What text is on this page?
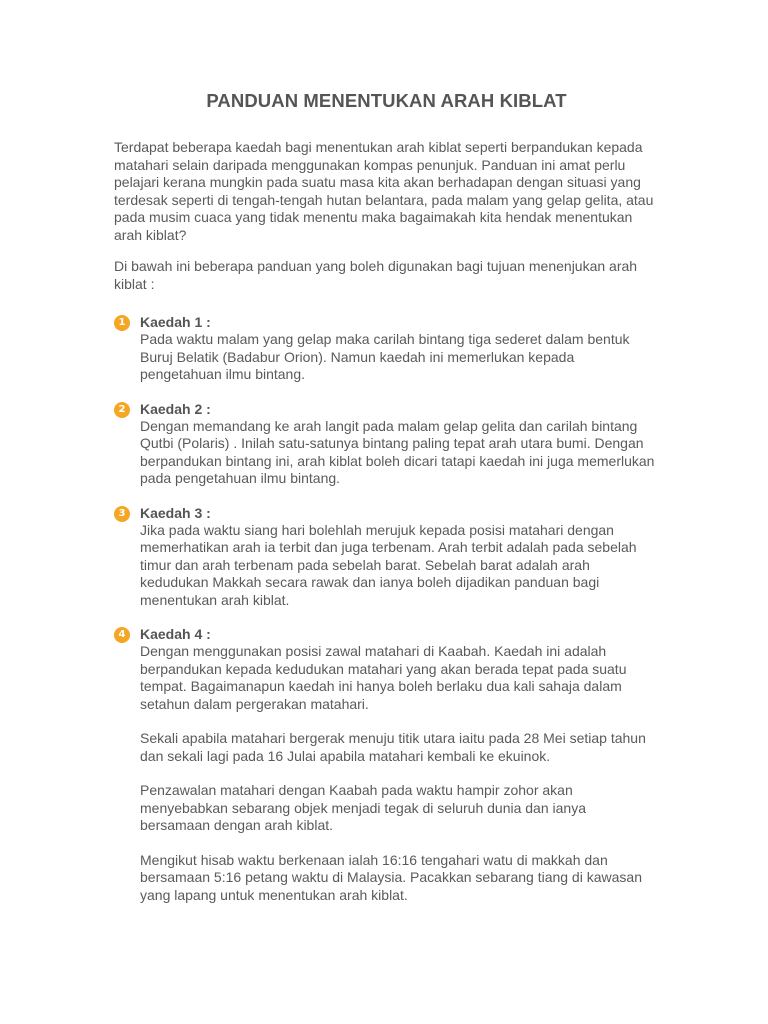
PANDUAN MENENTUKAN ARAH KIBLAT

Terdapat beberapa kaedah bagi menentukan arah kiblat seperti berpandukan kepada matahari selain daripada menggunakan kompas penunjuk. Panduan ini amat perlu pelajari kerana mungkin pada suatu masa kita akan berhadapan dengan situasi yang terdesak seperti di tengah-tengah hutan belantara, pada malam yang gelap gelita, atau pada musim cuaca yang tidak menentu maka bagaimakah kita hendak menentukan arah kiblat?

Di bawah ini beberapa panduan yang boleh digunakan bagi tujuan menenjukan arah kiblat :

1	Kaedah 1 :

Pada waktu malam yang gelap maka carilah bintang tiga sederet dalam bentuk Buruj Belatik (Badabur Orion). Namun kaedah ini memerlukan kepada pengetahuan ilmu bintang.

2	Kaedah 2 :

Dengan memandang ke arah langit pada malam gelap gelita dan carilah bintang Qutbi (Polaris) . Inilah satu-satunya bintang paling tepat arah utara bumi. Dengan berpandukan bintang ini, arah kiblat boleh dicari tatapi kaedah ini juga memerlukan pada pengetahuan ilmu bintang.

3	Kaedah 3 :

Jika pada waktu siang hari bolehlah merujuk kepada posisi matahari dengan memerhatikan arah ia terbit dan juga terbenam. Arah terbit adalah pada sebelah timur dan arah terbenam pada sebelah barat. Sebelah barat adalah arah kedudukan Makkah secara rawak dan ianya boleh dijadikan panduan bagi menentukan arah kiblat.

4	Kaedah 4 :

Dengan menggunakan posisi zawal matahari di Kaabah. Kaedah ini adalah berpandukan kepada kedudukan matahari yang akan berada tepat pada suatu tempat. Bagaimanapun kaedah ini hanya boleh berlaku dua kali sahaja dalam setahun dalam pergerakan matahari.

Sekali apabila matahari bergerak menuju titik utara iaitu pada 28 Mei setiap tahun dan sekali lagi pada 16 Julai apabila matahari kembali ke ekuinok.

Penzawalan matahari dengan Kaabah pada waktu hampir zohor akan menyebabkan sebarang objek menjadi tegak di seluruh dunia dan ianya bersamaan dengan arah kiblat.

Mengikut hisab waktu berkenaan ialah 16:16 tengahari watu di makkah dan bersamaan 5:16 petang waktu di Malaysia. Pacakkan sebarang tiang di kawasan yang lapang untuk menentukan arah kiblat.
